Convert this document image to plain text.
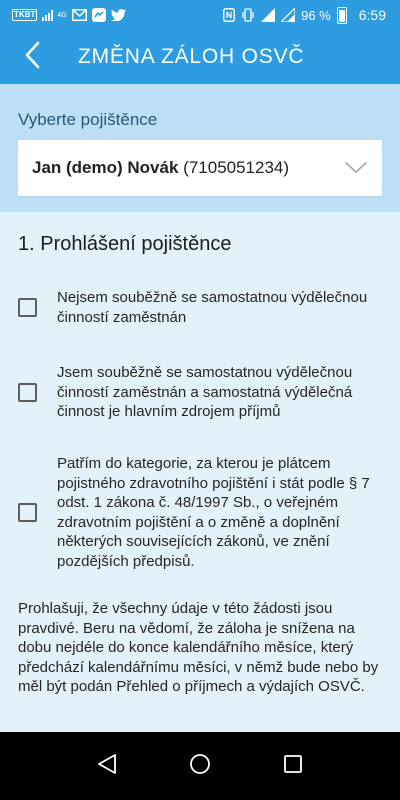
TKBT	4G	96 % 6:59
ZMĚNA ZÁLOH OSVČ
Vyberte pojištěnce
Jan (demo) Novák (7105051234)
1. Prohlášení pojištěnce
Nejsem souběžně se samostatnou výdělečnou činností zaměstnán
Jsem souběžně se samostatnou výdělečnou činností zaměstnán a samostatná výdělečná činnost je hlavním zdrojem příjmů
Patřím do kategorie, za kterou je plátcem pojistného zdravotního pojištění i stát podle § 7 odst. 1 zákona č. 48/1997 Sb., o veřejném zdravotním pojištění a o změně a doplnění některých souvisejících zákonů, ve znění pozdějších předpisů.
Prohlašuji, že všechny údaje v této žádosti jsou pravdivé. Beru na vědomí, že záloha je snížena na dobu nejdéle do konce kalendářního měsíce, který předchází kalendářnímu měsíci, v němž bude nebo by měl být podán Přehled o příjmech a výdajích OSVČ.
